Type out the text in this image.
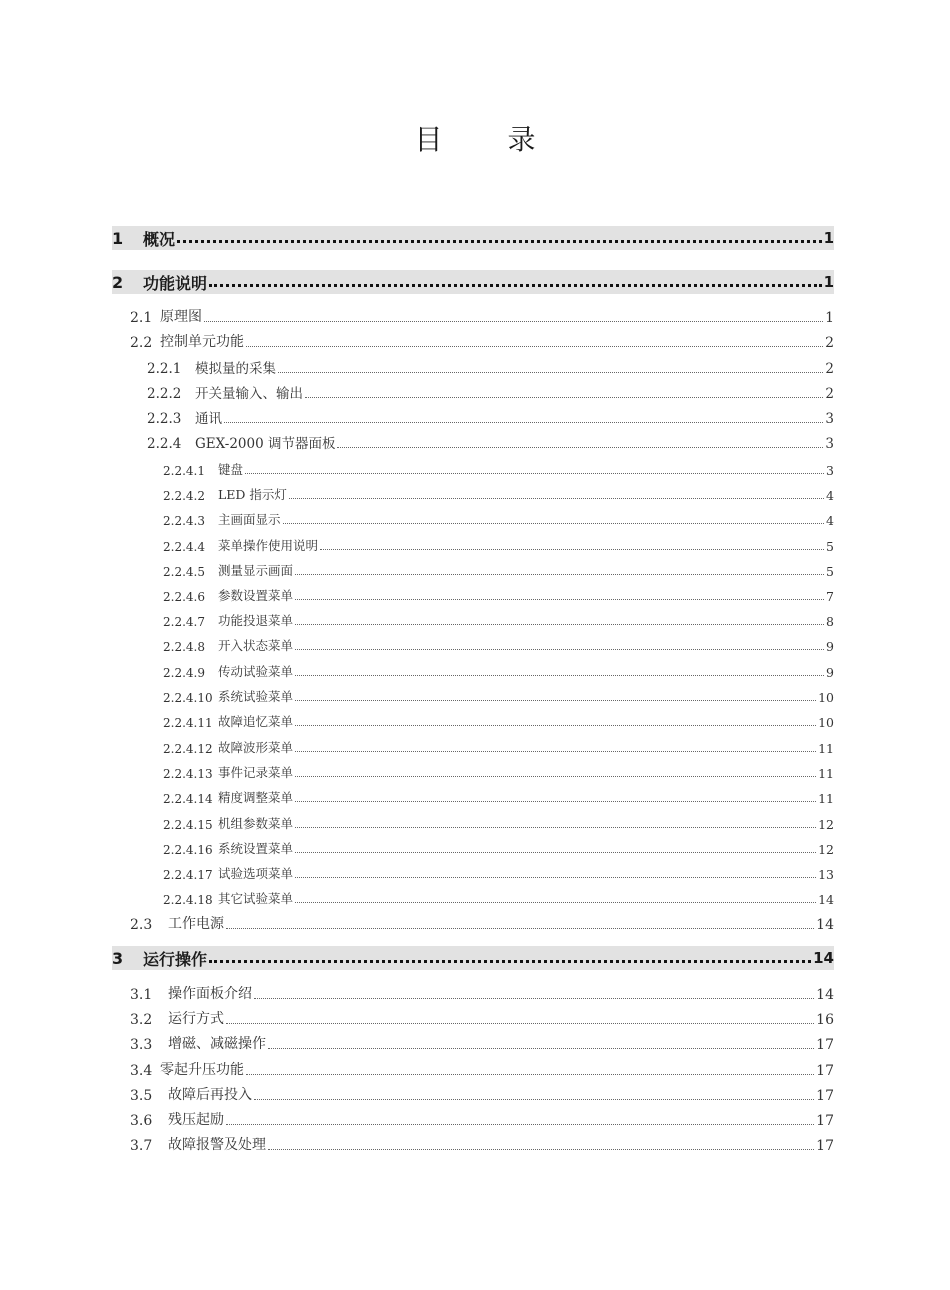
目 录
1	概况	1
2	功能说明	1
2.1 原理图	1
2.2 控制单元功能	2
2.2.1	模拟量的采集	2
2.2.2	开关量输入、输出	2
2.2.3	通讯	3
2.2.4	GEX-2000 调节器面板	3
2.2.4.1	键盘	3
2.2.4.2	LED 指示灯	4
2.2.4.3	主画面显示	4
2.2.4.4	菜单操作使用说明	5
2.2.4.5	测量显示画面	5
2.2.4.6	参数设置菜单	7
2.2.4.7	功能投退菜单	8
2.2.4.8	开入状态菜单	9
2.2.4.9	传动试验菜单	9
2.2.4.10 系统试验菜单	10
2.2.4.11 故障追忆菜单	10
2.2.4.12 故障波形菜单	11
2.2.4.13 事件记录菜单	11
2.2.4.14 精度调整菜单	11
2.2.4.15 机组参数菜单	12
2.2.4.16 系统设置菜单	12
2.2.4.17 试验选项菜单	13
2.2.4.18 其它试验菜单	14
2.3	工作电源	14
3	运行操作	14
3.1	操作面板介绍	14
3.2	运行方式	16
3.3	增磁、减磁操作	17
3.4 零起升压功能	17
3.5	故障后再投入	17
3.6	残压起励	17
3.7	故障报警及处理	17
